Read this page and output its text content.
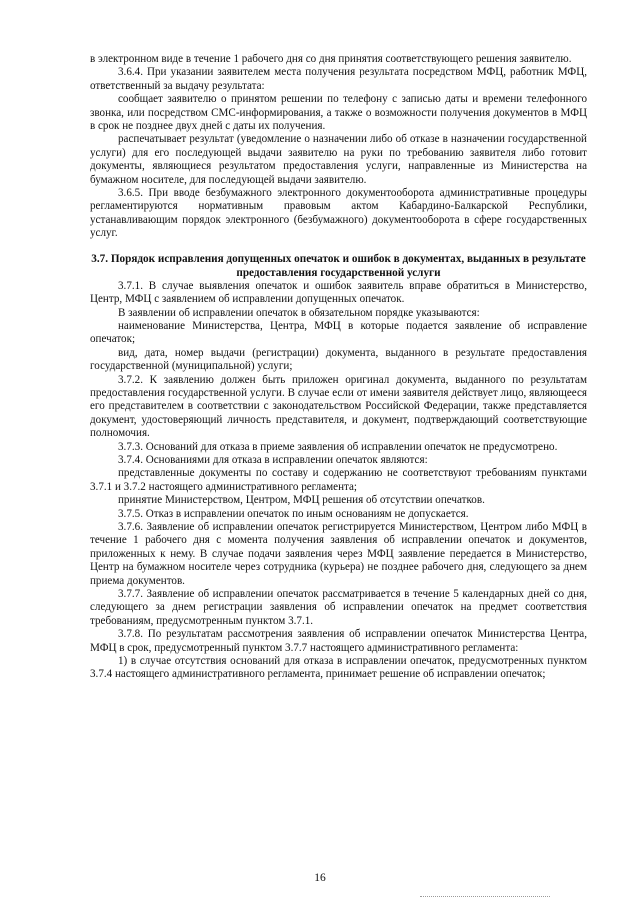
в электронном виде в течение 1 рабочего дня со дня принятия соответствующего решения заявителю.

3.6.4. При указании заявителем места получения результата посредством МФЦ, работник МФЦ, ответственный за выдачу результата:

сообщает заявителю о принятом решении по телефону с записью даты и времени телефонного звонка, или посредством СМС-информирования, а также о возможности получения документов в МФЦ в срок не позднее двух дней с даты их получения.

распечатывает результат (уведомление о назначении либо об отказе в назначении государственной услуги) для его последующей выдачи заявителю на руки по требованию заявителя либо готовит документы, являющиеся результатом предоставления услуги, направленные из Министерства на бумажном носителе, для последующей выдачи заявителю.

3.6.5. При вводе безбумажного электронного документооборота административные процедуры регламентируются нормативным правовым актом Кабардино-Балкарской Республики, устанавливающим порядок электронного (безбумажного) документооборота в сфере государственных услуг.

3.7. Порядок исправления допущенных опечаток и ошибок в документах, выданных в результате предоставления государственной услуги

3.7.1. В случае выявления опечаток и ошибок заявитель вправе обратиться в Министерство, Центр, МФЦ с заявлением об исправлении допущенных опечаток.

В заявлении об исправлении опечаток в обязательном порядке указываются:

наименование Министерства, Центра, МФЦ в которые подается заявление об исправление опечаток;

вид, дата, номер выдачи (регистрации) документа, выданного в результате предоставления государственной (муниципальной) услуги;

3.7.2. К заявлению должен быть приложен оригинал документа, выданного по результатам предоставления государственной услуги. В случае если от имени заявителя действует лицо, являющееся его представителем в соответствии с законодательством Российской Федерации, также представляется документ, удостоверяющий личность представителя, и документ, подтверждающий соответствующие полномочия.

3.7.3. Оснований для отказа в приеме заявления об исправлении опечаток не предусмотрено.

3.7.4. Основаниями для отказа в исправлении опечаток являются:

представленные документы по составу и содержанию не соответствуют требованиям пунктами 3.7.1 и 3.7.2 настоящего административного регламента;

принятие Министерством, Центром, МФЦ решения об отсутствии опечатков.

3.7.5. Отказ в исправлении опечаток по иным основаниям не допускается.

3.7.6. Заявление об исправлении опечаток регистрируется Министерством, Центром либо МФЦ в течение 1 рабочего дня с момента получения заявления об исправлении опечаток и документов, приложенных к нему. В случае подачи заявления через МФЦ заявление передается в Министерство, Центр на бумажном носителе через сотрудника (курьера) не позднее рабочего дня, следующего за днем приема документов.

3.7.7. Заявление об исправлении опечаток рассматривается в течение 5 календарных дней со дня, следующего за днем регистрации заявления об исправлении опечаток на предмет соответствия требованиям, предусмотренным пунктом 3.7.1.

3.7.8. По результатам рассмотрения заявления об исправлении опечаток Министерства Центра, МФЦ в срок, предусмотренный пунктом 3.7.7 настоящего административного регламента:

1) в случае отсутствия оснований для отказа в исправлении опечаток, предусмотренных пунктом 3.7.4 настоящего административного регламента, принимает решение об исправлении опечаток;

16
